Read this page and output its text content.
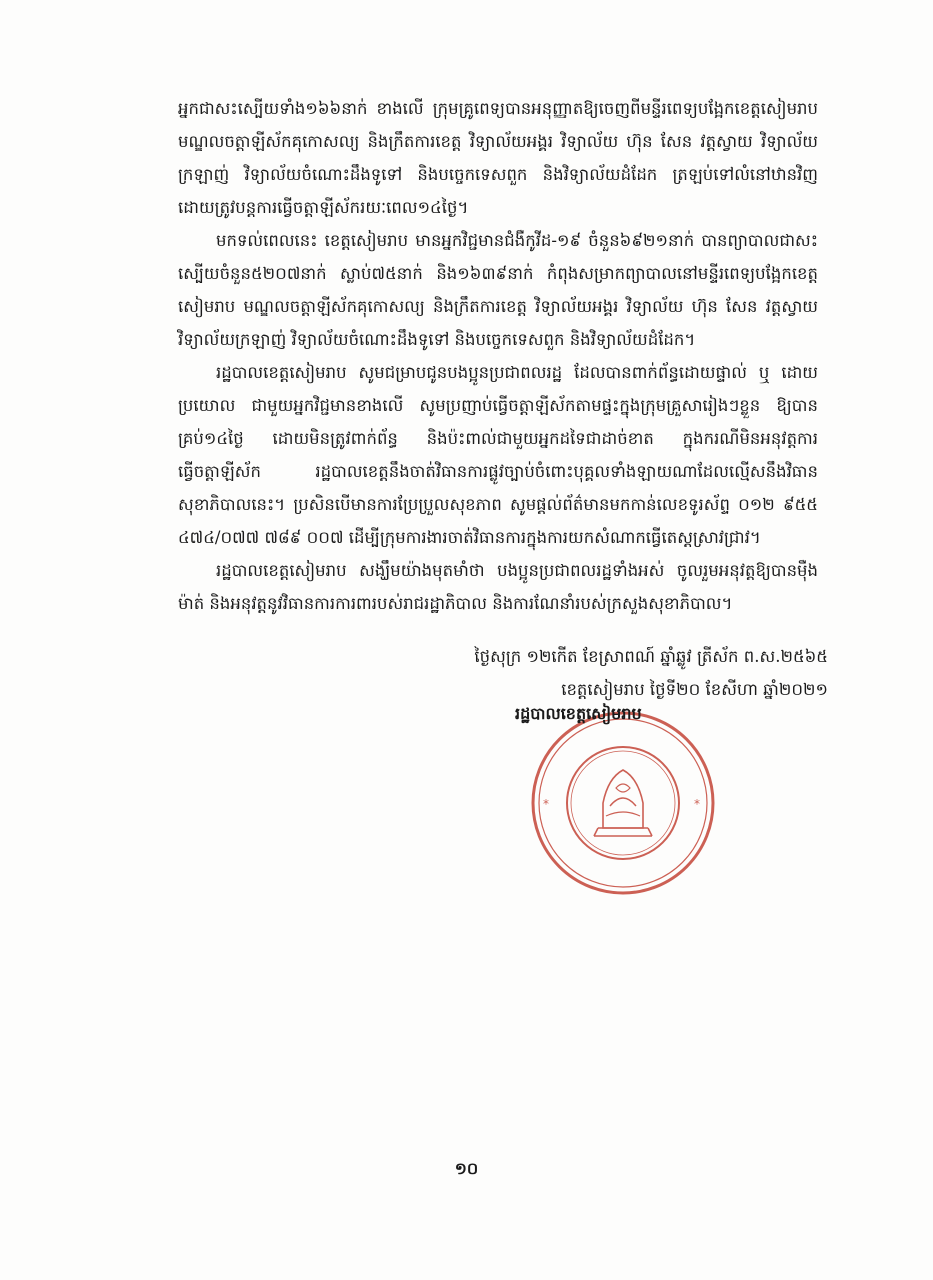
អ្នកជាសះស្បើយទាំង១៦៦នាក់ ខាងលើ ក្រុមគ្រូពេទ្យបានអនុញ្ញាតឱ្យចេញពីមន្ទីរពេទ្យបង្អែកខេត្តសៀមរាប មណ្ឌលចត្តាឡីស័កគុកោសល្យ និងក្រឹតការខេត្ត វិទ្យាល័យអង្គរ វិទ្យាល័យ ហ៊ុន សែន វត្តស្វាយ វិទ្យាល័យក្រឡាញ់ វិទ្យាល័យចំណោះដឹងទូទៅ និងបច្ចេកទេសពួក និងវិទ្យាល័យដំដែក ត្រឡប់ទៅលំនៅឋានវិញ ដោយត្រូវបន្តការធ្វើចត្តាឡីស័ករយៈពេល១៤ថ្ងៃ។

មកទល់ពេលនេះ ខេត្តសៀមរាប មានអ្នកវិជ្ជមានជំងឺកូវីដ-១៩ ចំនួន៦៩២១នាក់ បានព្យាបាលជាសះស្បើយចំនួន៥២០៧នាក់ ស្លាប់៧៥នាក់ និង១៦៣៩នាក់ កំពុងសម្រាកព្យាបាលនៅមន្ទីរពេទ្យបង្អែកខេត្តសៀមរាប មណ្ឌលចត្តាឡីស័កគុកោសល្យ និងក្រឹតការខេត្ត វិទ្យាល័យអង្គរ វិទ្យាល័យ ហ៊ុន សែន វត្តស្វាយ វិទ្យាល័យក្រឡាញ់ វិទ្យាល័យចំណោះដឹងទូទៅ និងបច្ចេកទេសពួក និងវិទ្យាល័យដំដែក។

រដ្ឋបាលខេត្តសៀមរាប សូមជម្រាបជូនបងប្អូនប្រជាពលរដ្ឋ ដែលបានពាក់ព័ន្ធដោយផ្ទាល់ ឬ ដោយប្រយោល ជាមួយអ្នកវិជ្ជមានខាងលើ សូមប្រញាប់ធ្វើចត្តាឡីស័កតាមផ្ទះក្នុងក្រុមគ្រួសារៀងៗខ្លួន ឱ្យបានគ្រប់១៤ថ្ងៃ ដោយមិនត្រូវពាក់ព័ន្ធ និងប៉ះពាល់ជាមួយអ្នកដទៃជាដាច់ខាត ក្នុងករណីមិនអនុវត្តការធ្វើចត្តាឡីស័ក រដ្ឋបាលខេត្តនឹងចាត់វិធានការផ្លូវច្បាប់ចំពោះបុគ្គលទាំងឡាយណាដែលល្មើសនឹងវិធានសុខាភិបាលនេះ។ ប្រសិនបើមានការប្រែប្រួលសុខភាព សូមផ្ដល់ព័ត៌មានមកកាន់លេខទូរស័ព្ទ ០១២ ៩៥៥ ៤៧៤/០៧៧ ៧៨៩ ០០៧ ដើម្បីក្រុមការងារចាត់វិធានការក្នុងការយកសំណាកធ្វើតេស្តស្រាវជ្រាវ។

រដ្ឋបាលខេត្តសៀមរាប សង្ឃឹមយ៉ាងមុតមាំថា បងប្អូនប្រជាពលរដ្ឋទាំងអស់ ចូលរួមអនុវត្តឱ្យបានម៉ឺងម៉ាត់ និងអនុវត្តនូវវិធានការការពារបស់រាជរដ្ឋាភិបាល និងការណែនាំរបស់ក្រសួងសុខាភិបាល។

ថ្ងៃសុក្រ ១២កើត ខែស្រាពណ៍ ឆ្នាំឆ្លូវ ត្រីស័ក ព.ស.២៥៦៥
ខេត្តសៀមរាប ថ្ងៃទី២០ ខែសីហា ឆ្នាំ២០២១
*	*
រដ្ឋបាលខេត្តសៀមរាប
១០
